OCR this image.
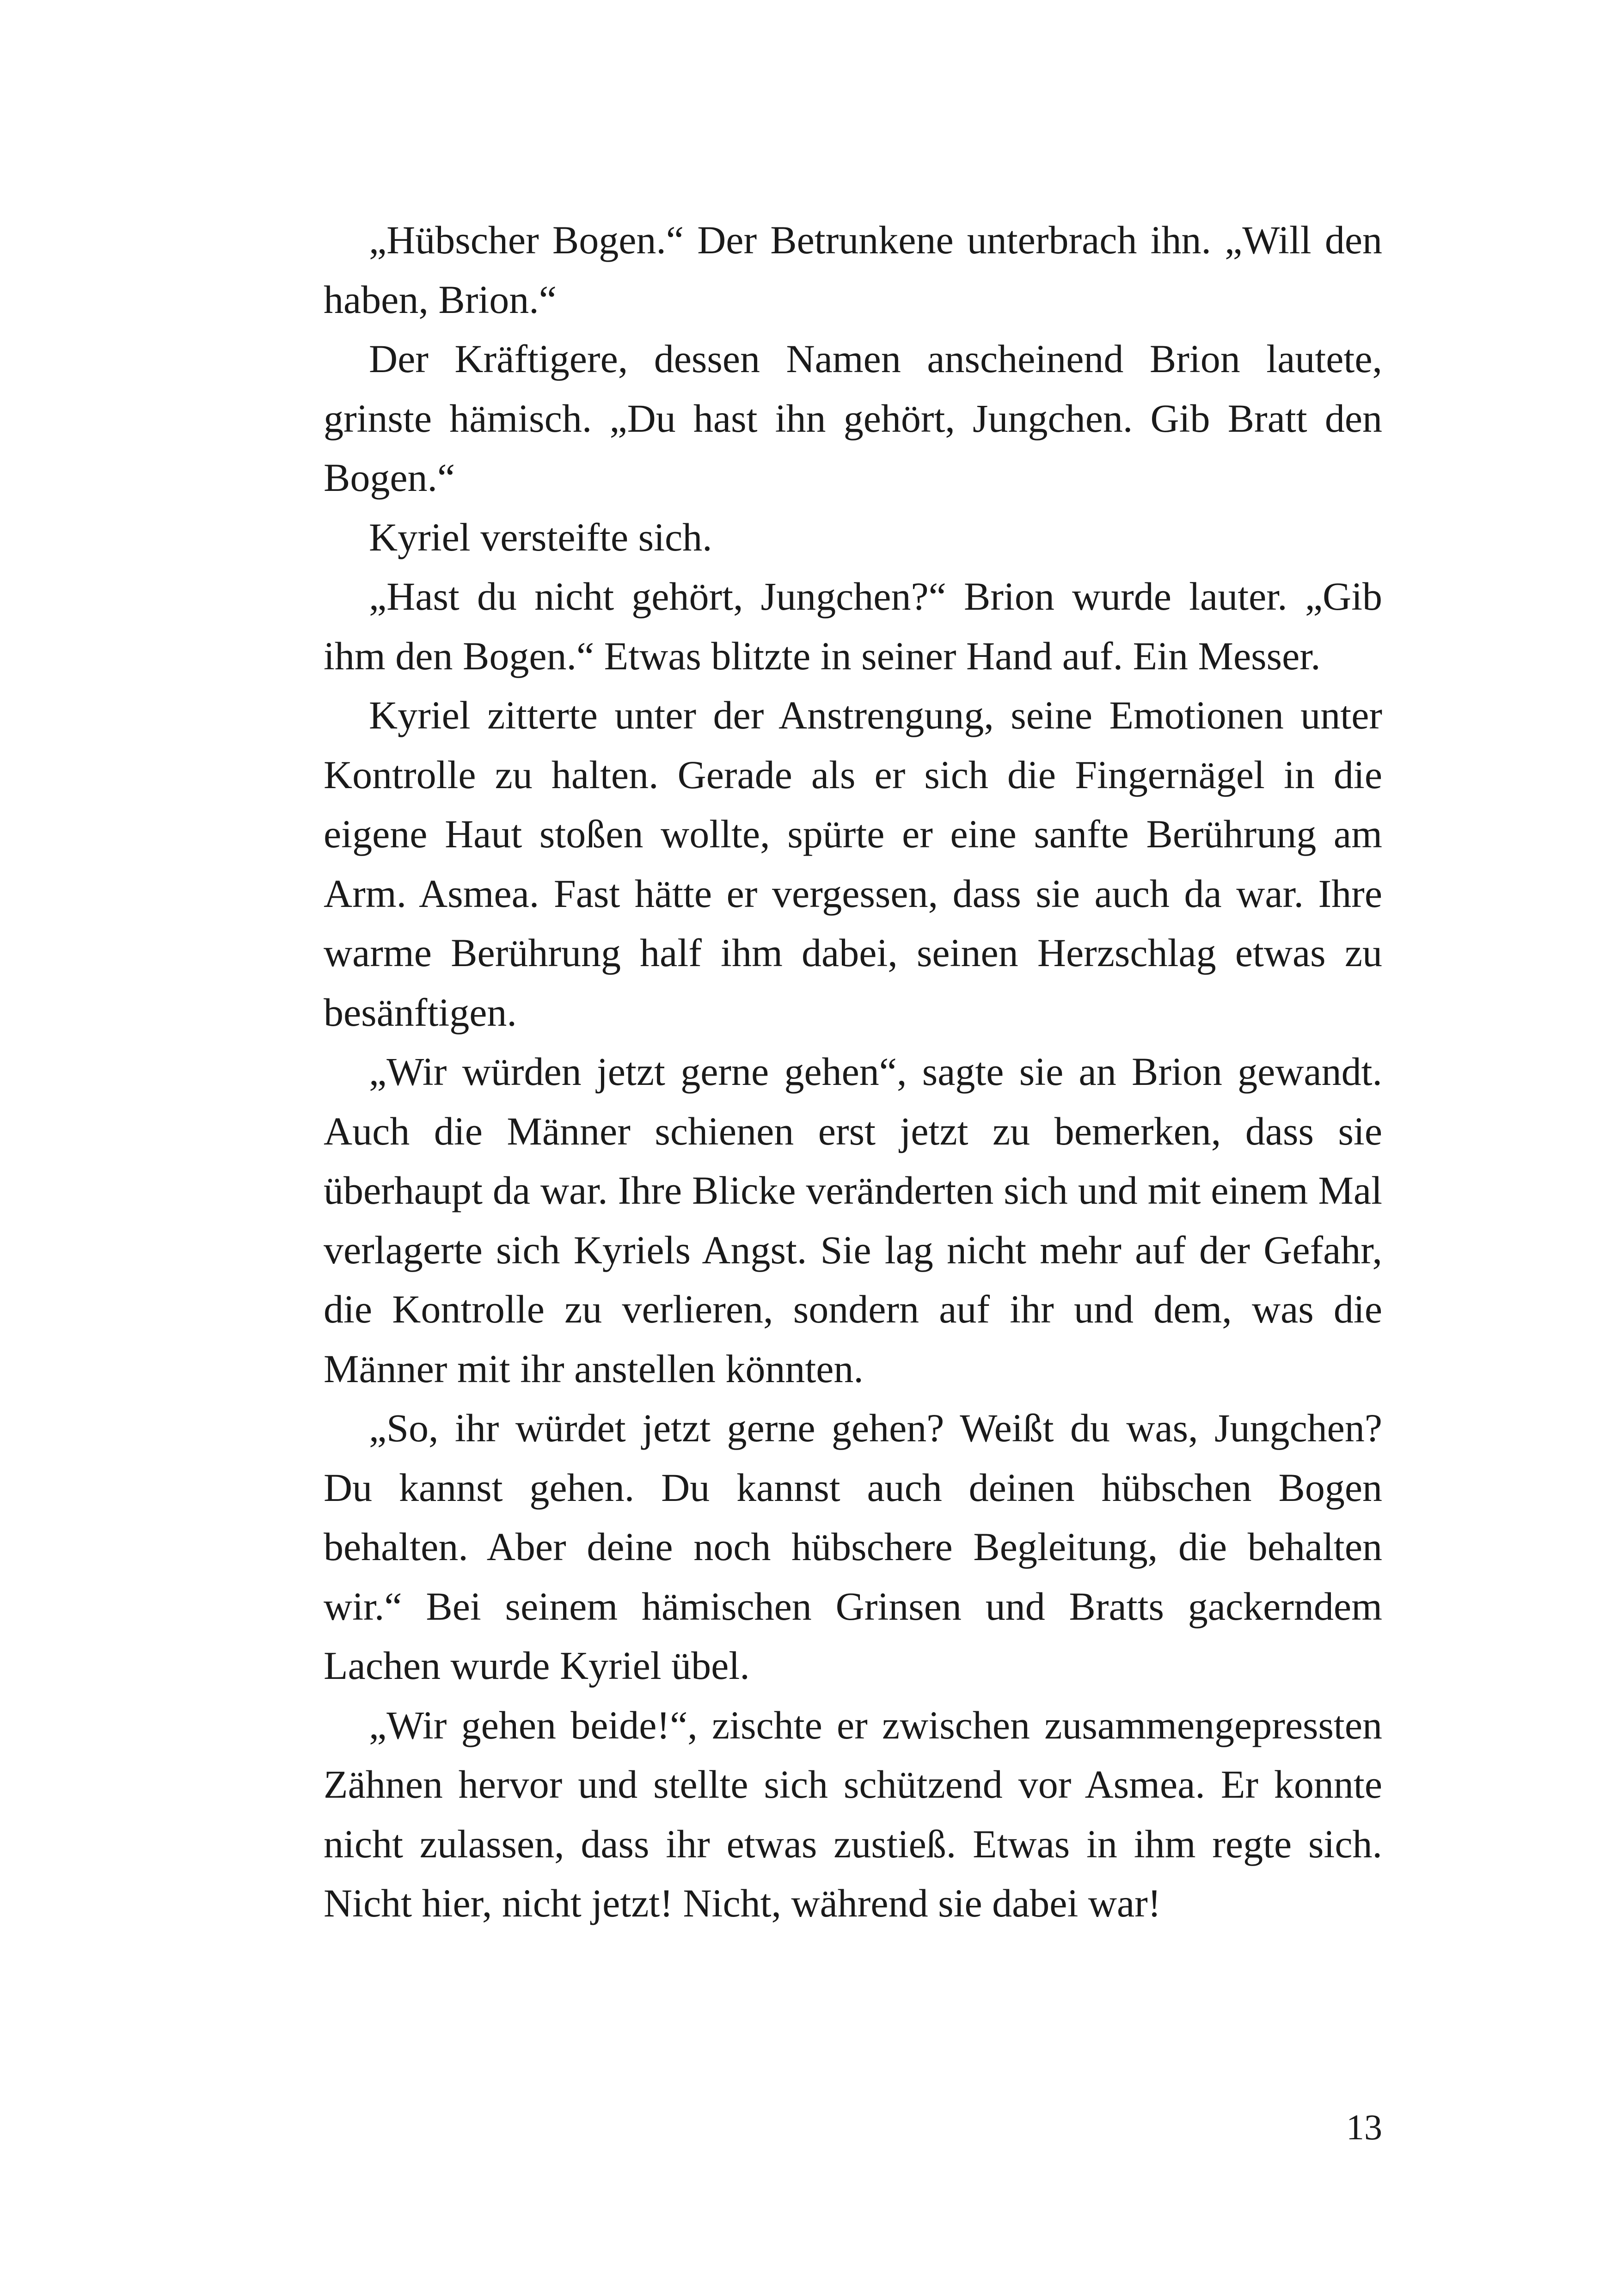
„Hübscher Bogen.“ Der Betrunkene unterbrach ihn. „Will den haben, Brion.“

Der Kräftigere, dessen Namen anscheinend Brion lautete, grinste hämisch. „Du hast ihn gehört, Jungchen. Gib Bratt den Bogen.“

Kyriel versteifte sich.

„Hast du nicht gehört, Jungchen?“ Brion wurde lauter. „Gib ihm den Bogen.“ Etwas blitzte in seiner Hand auf. Ein Messer.

Kyriel zitterte unter der Anstrengung, seine Emotionen unter Kontrolle zu halten. Gerade als er sich die Fingernägel in die eigene Haut stoßen wollte, spürte er eine sanfte Berührung am Arm. Asmea. Fast hätte er vergessen, dass sie auch da war. Ihre warme Berührung half ihm dabei, seinen Herzschlag etwas zu besänftigen.

„Wir würden jetzt gerne gehen“, sagte sie an Brion gewandt. Auch die Männer schienen erst jetzt zu bemerken, dass sie überhaupt da war. Ihre Blicke veränderten sich und mit einem Mal verlagerte sich Kyriels Angst. Sie lag nicht mehr auf der Gefahr, die Kontrolle zu verlieren, sondern auf ihr und dem, was die Männer mit ihr anstellen könnten.

„So, ihr würdet jetzt gerne gehen? Weißt du was, Jungchen? Du kannst gehen. Du kannst auch deinen hübschen Bogen behalten. Aber deine noch hübschere Begleitung, die behalten wir.“ Bei seinem hämischen Grinsen und Bratts gackerndem Lachen wurde Kyriel übel.

„Wir gehen beide!“, zischte er zwischen zusammengepressten Zähnen hervor und stellte sich schützend vor Asmea. Er konnte nicht zulassen, dass ihr etwas zustieß. Etwas in ihm regte sich. Nicht hier, nicht jetzt! Nicht, während sie dabei war!

13
